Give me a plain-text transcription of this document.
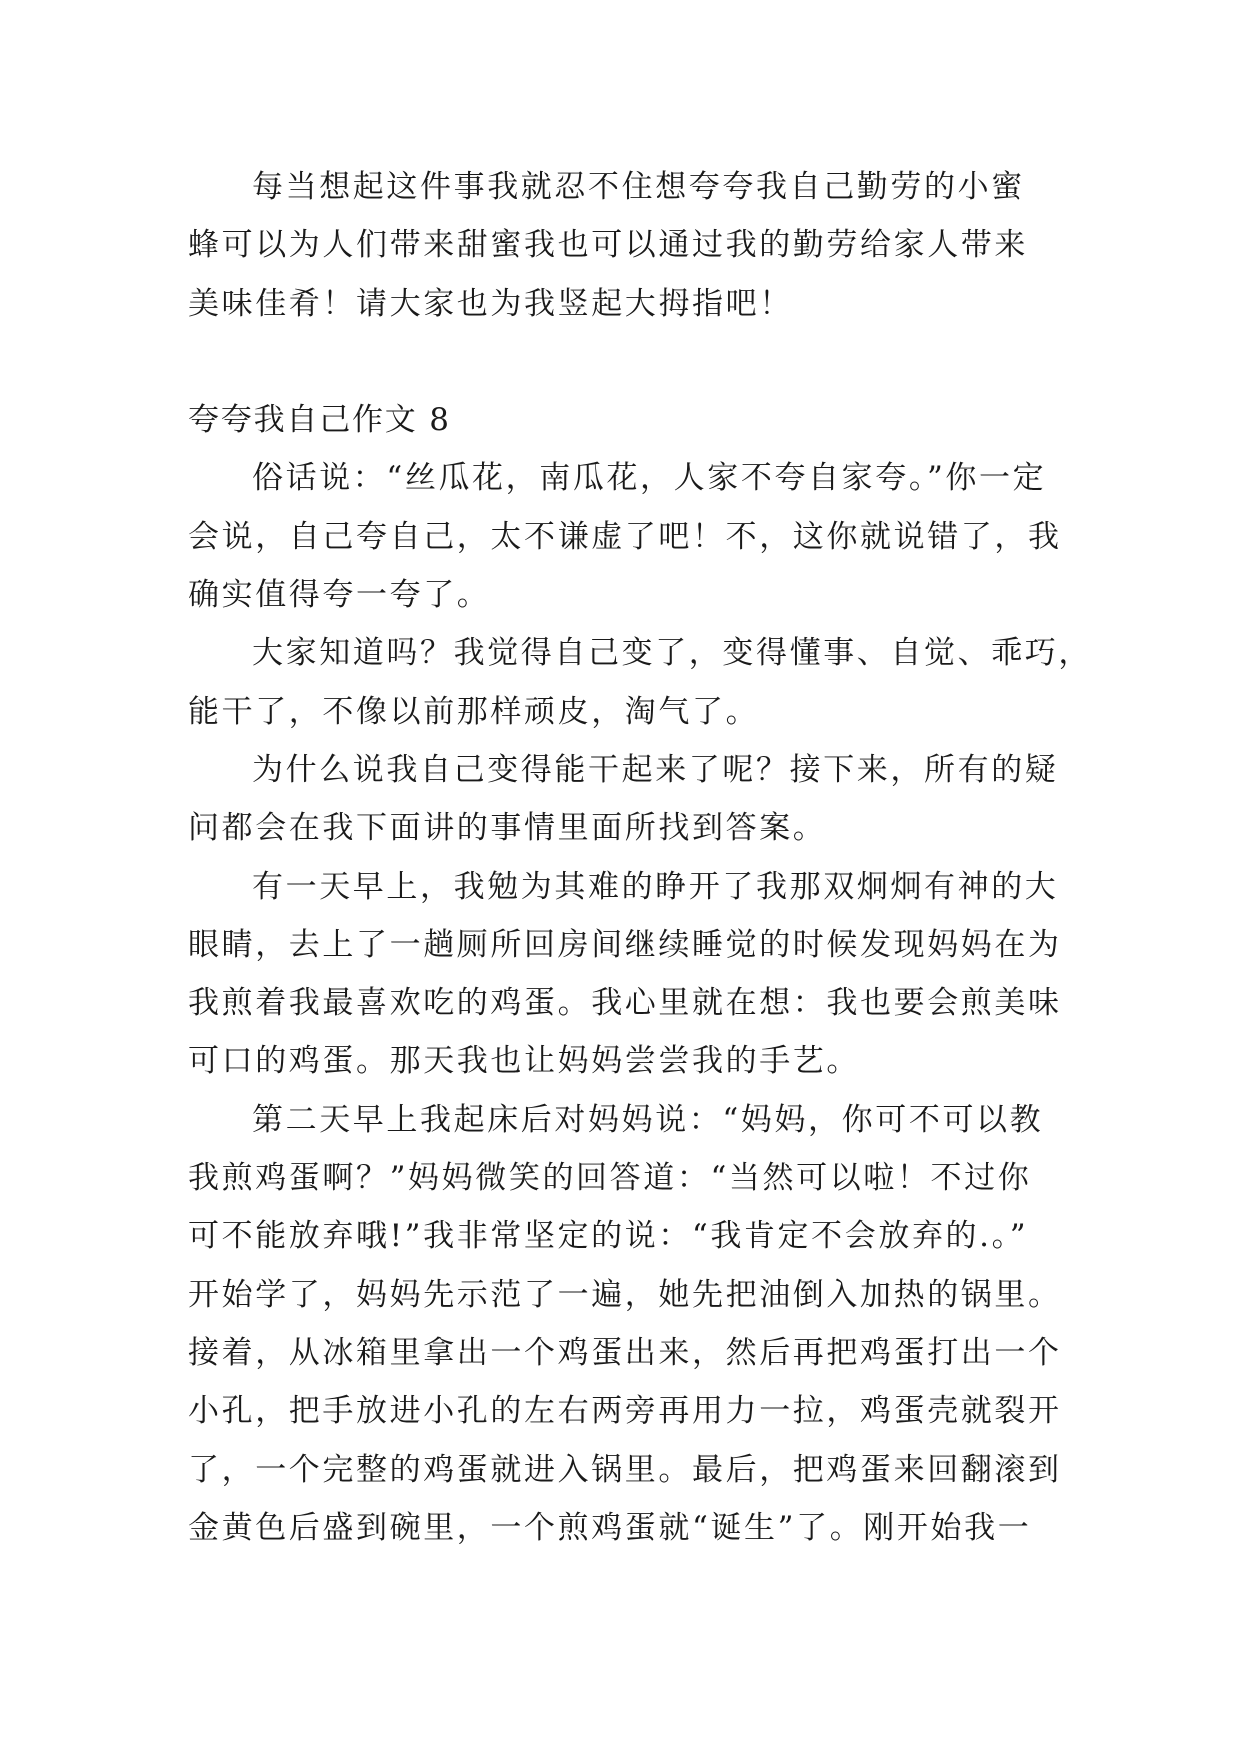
每当想起这件事我就忍不住想夸夸我自己勤劳的小蜜
蜂可以为人们带来甜蜜我也可以通过我的勤劳给家人带来
美味佳肴！请大家也为我竖起大拇指吧！
夸夸我自己作文 8
俗话说：“丝瓜花，南瓜花，人家不夸自家夸。”你一定
会说，自己夸自己，太不谦虚了吧！不，这你就说错了，我
确实值得夸一夸了。
大家知道吗？我觉得自己变了，变得懂事、自觉、乖巧，
能干了，不像以前那样顽皮，淘气了。
为什么说我自己变得能干起来了呢？接下来，所有的疑
问都会在我下面讲的事情里面所找到答案。
有一天早上，我勉为其难的睁开了我那双炯炯有神的大
眼睛，去上了一趟厕所回房间继续睡觉的时候发现妈妈在为
我煎着我最喜欢吃的鸡蛋。我心里就在想：我也要会煎美味
可口的鸡蛋。那天我也让妈妈尝尝我的手艺。
第二天早上我起床后对妈妈说：“妈妈，你可不可以教
我煎鸡蛋啊？”妈妈微笑的回答道：“当然可以啦！不过你
可不能放弃哦!”我非常坚定的说：“我肯定不会放弃的.。”
开始学了，妈妈先示范了一遍，她先把油倒入加热的锅里。
接着，从冰箱里拿出一个鸡蛋出来，然后再把鸡蛋打出一个
小孔，把手放进小孔的左右两旁再用力一拉，鸡蛋壳就裂开
了，一个完整的鸡蛋就进入锅里。最后，把鸡蛋来回翻滚到
金黄色后盛到碗里，一个煎鸡蛋就“诞生”了。刚开始我一
